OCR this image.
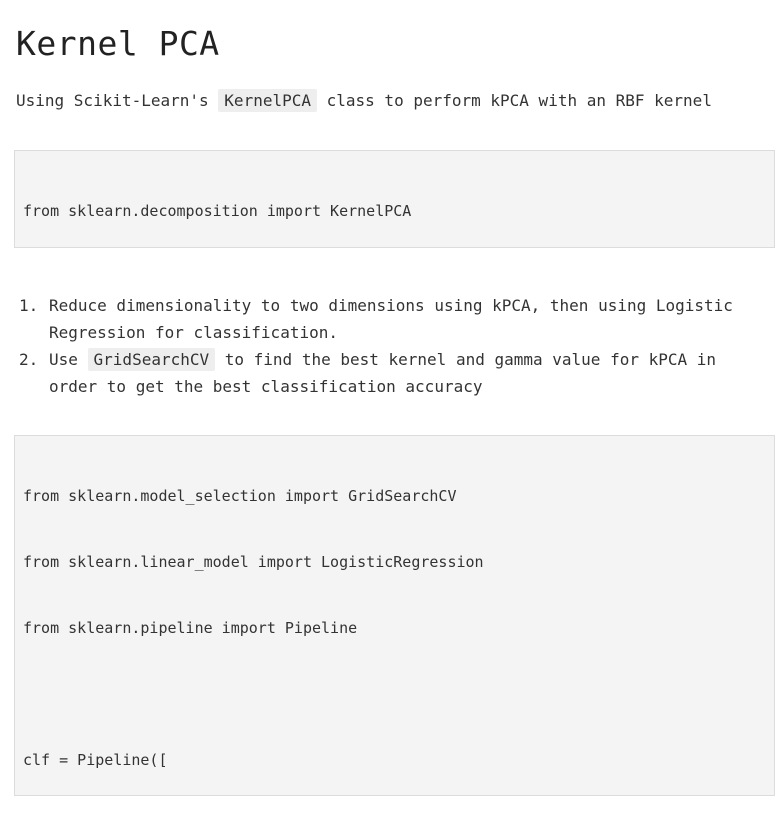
Kernel PCA

Using Scikit-Learn's KernelPCA class to perform kPCA with an RBF kernel

from sklearn.decomposition import KernelPCA

1. Reduce dimensionality to two dimensions using kPCA, then using Logistic Regression for classification.
2. Use GridSearchCV to find the best kernel and gamma value for kPCA in order to get the best classification accuracy

from sklearn.model_selection import GridSearchCV

from sklearn.linear_model import LogisticRegression

from sklearn.pipeline import Pipeline

clf = Pipeline([
